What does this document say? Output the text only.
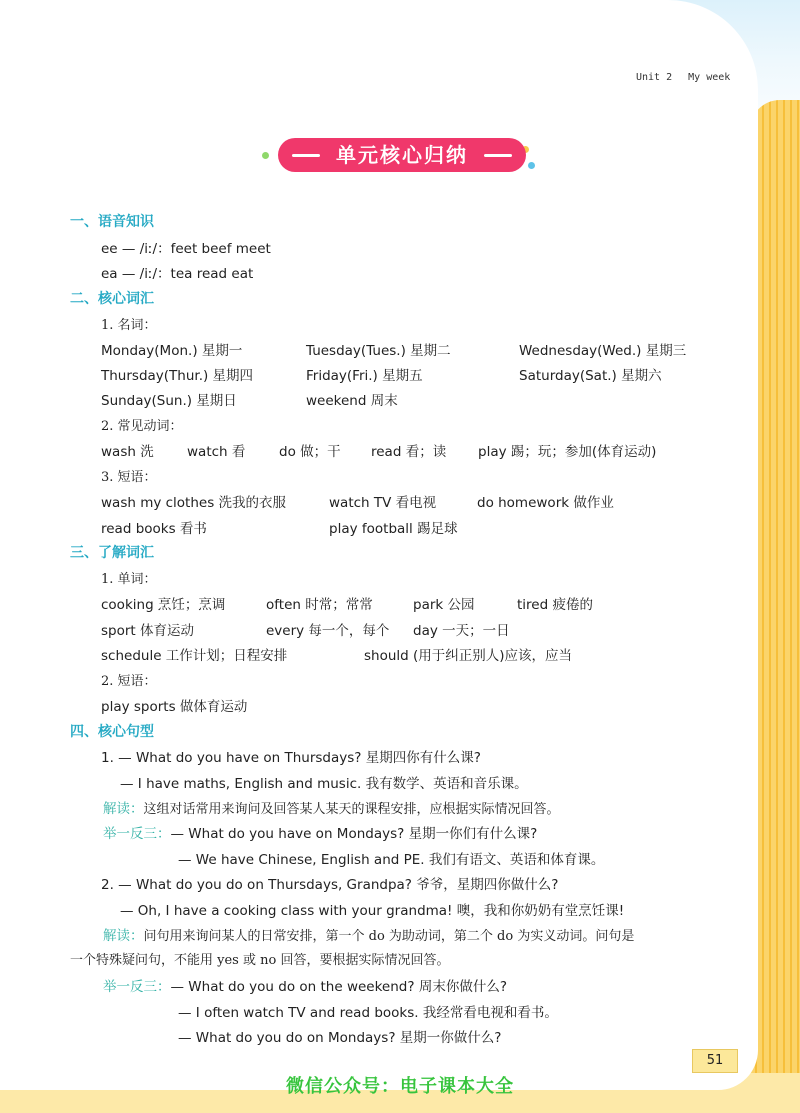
Unit 2 My week
单元核心归纳
一、语音知识
ee — /iː/：feet beef meet
ea — /iː/：tea read eat
二、核心词汇
1. 名词：
Monday(Mon.) 星期一	Tuesday(Tues.) 星期二	Wednesday(Wed.) 星期三
Thursday(Thur.) 星期四	Friday(Fri.) 星期五	Saturday(Sat.) 星期六
Sunday(Sun.) 星期日	weekend 周末
2. 常见动词：
wash 洗 watch 看 do 做；干 read 看；读 play 踢；玩；参加(体育运动)
3. 短语：
wash my clothes 洗我的衣服	watch TV 看电视	do homework 做作业
read books 看书	play football 踢足球
三、了解词汇
1. 单词：
cooking 烹饪；烹调	often 时常；常常	park 公园	tired 疲倦的
sport 体育运动	every 每一个，每个 day 一天；一日
schedule 工作计划；日程安排	should (用于纠正别人)应该，应当
2. 短语：
play sports 做体育运动
四、核心句型
1. — What do you have on Thursdays? 星期四你有什么课?
— I have maths, English and music. 我有数学、英语和音乐课。
解读：这组对话常用来询问及回答某人某天的课程安排，应根据实际情况回答。
举一反三：— What do you have on Mondays? 星期一你们有什么课?
— We have Chinese, English and PE. 我们有语文、英语和体育课。
2. — What do you do on Thursdays, Grandpa? 爷爷，星期四你做什么?
— Oh, I have a cooking class with your grandma! 噢，我和你奶奶有堂烹饪课!
解读：问句用来询问某人的日常安排，第一个 do 为助动词，第二个 do 为实义动词。问句是
一个特殊疑问句，不能用 yes 或 no 回答，要根据实际情况回答。
举一反三：— What do you do on the weekend? 周末你做什么?
— I often watch TV and read books. 我经常看电视和看书。
— What do you do on Mondays? 星期一你做什么?
51
微信公众号：电子课本大全
